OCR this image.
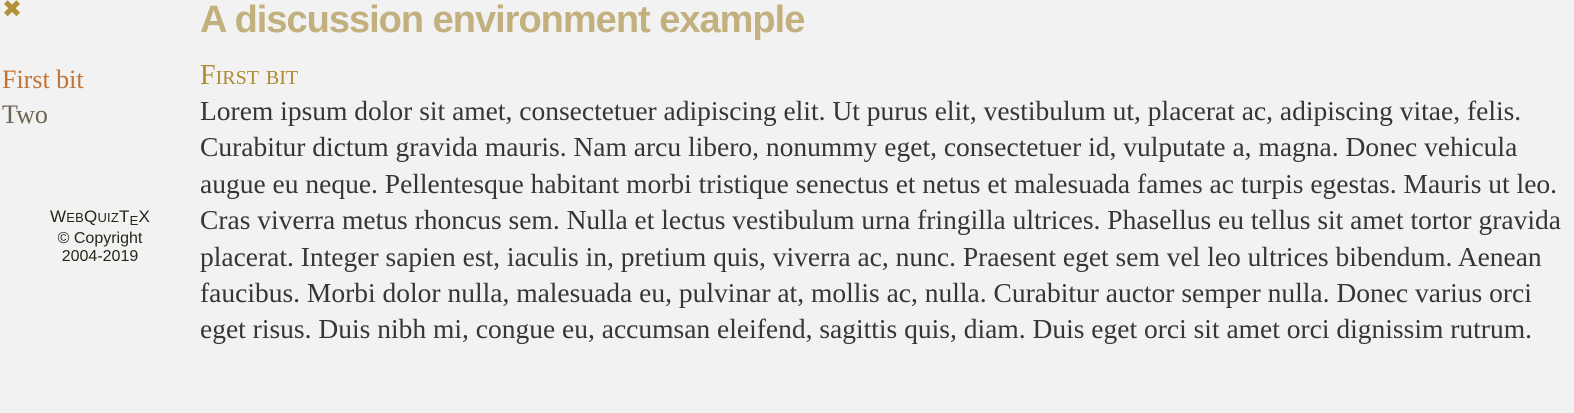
✖
First bit
Two
WEBQUIZTEX
© Copyright
2004-2019
A discussion environment example
First bit

Lorem ipsum dolor sit amet, consectetuer adipiscing elit. Ut purus elit, vestibulum ut, placerat ac, adipiscing vitae, felis. Curabitur dictum gravida mauris. Nam arcu libero, nonummy eget, consectetuer id, vulputate a, magna. Donec vehicula augue eu neque. Pellentesque habitant morbi tristique senectus et netus et malesuada fames ac turpis egestas. Mauris ut leo. Cras viverra metus rhoncus sem. Nulla et lectus vestibulum urna fringilla ultrices. Phasellus eu tellus sit amet tortor gravida placerat. Integer sapien est, iaculis in, pretium quis, viverra ac, nunc. Praesent eget sem vel leo ultrices bibendum. Aenean faucibus. Morbi dolor nulla, malesuada eu, pulvinar at, mollis ac, nulla. Curabitur auctor semper nulla. Donec varius orci eget risus. Duis nibh mi, congue eu, accumsan eleifend, sagittis quis, diam. Duis eget orci sit amet orci dignissim rutrum.
